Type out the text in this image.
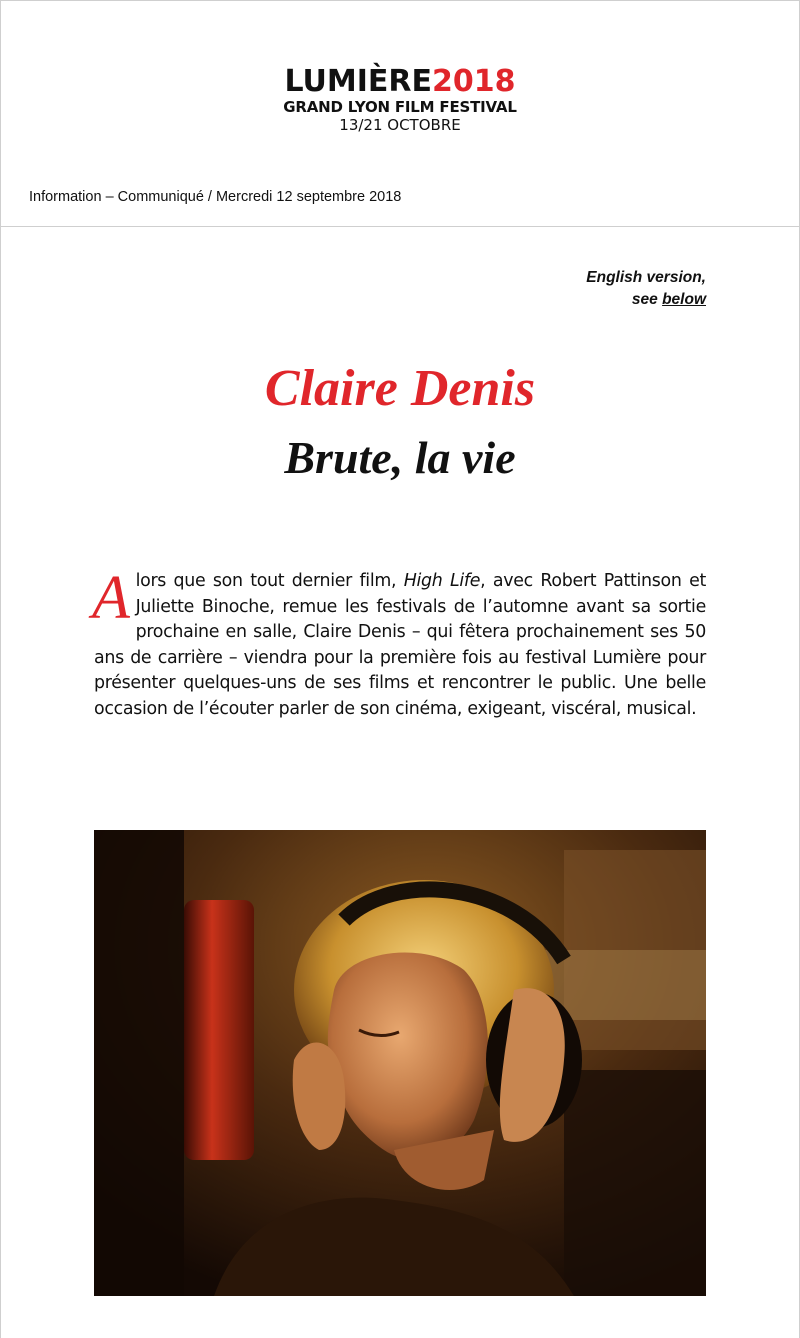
LUMIÈRE2018
GRAND LYON FILM FESTIVAL
13/21 OCTOBRE
Information – Communiqué / Mercredi 12 septembre 2018
English version,
see below
Claire Denis
Brute, la vie

Alors que son tout dernier film, High Life, avec Robert Pattinson et Juliette Binoche, remue les festivals de l’automne avant sa sortie prochaine en salle, Claire Denis – qui fêtera prochainement ses 50 ans de carrière – viendra pour la première fois au festival Lumière pour présenter quelques-uns de ses films et rencontrer le public. Une belle occasion de l’écouter parler de son cinéma, exigeant, viscéral, musical.
